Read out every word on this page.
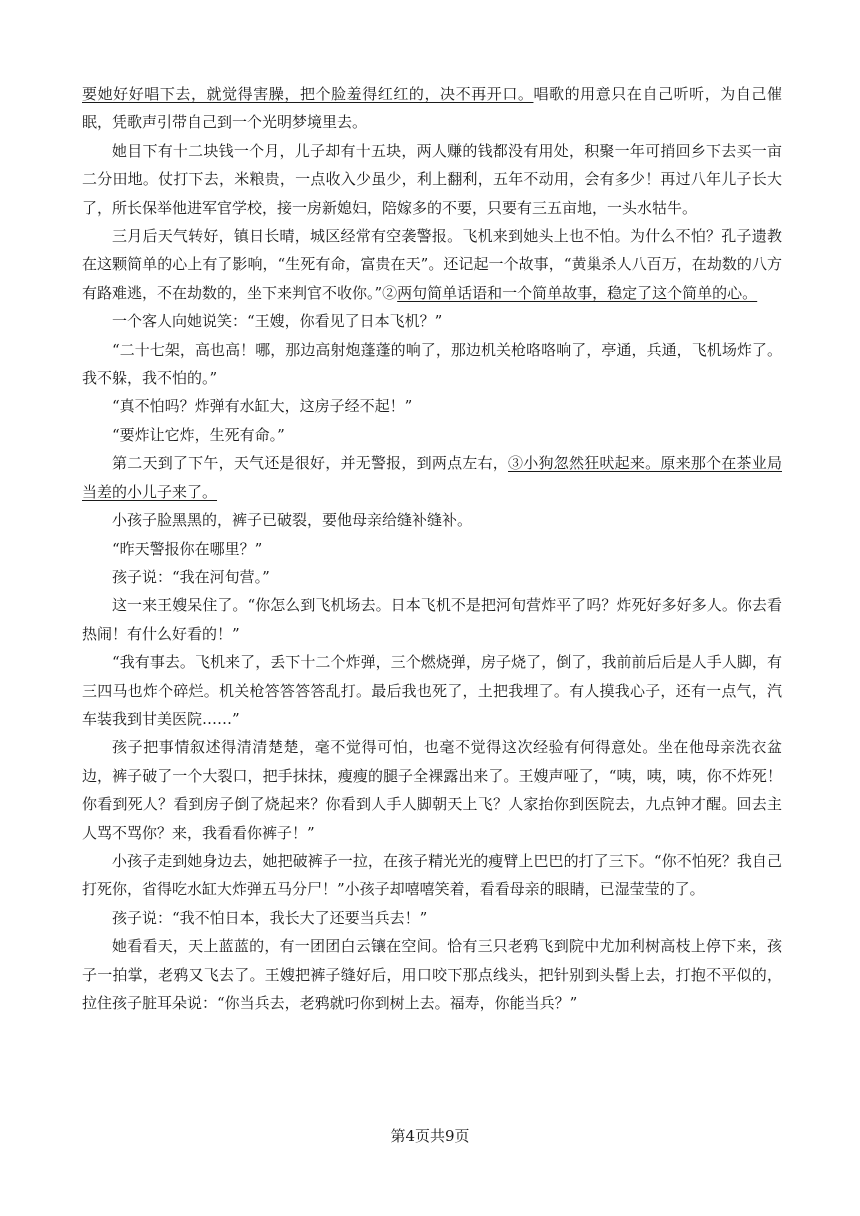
要她好好唱下去，就觉得害臊，把个脸羞得红红的，决不再开口。唱歌的用意只在自己听听，为自己催眠，凭歌声引带自己到一个光明梦境里去。

她目下有十二块钱一个月，儿子却有十五块，两人赚的钱都没有用处，积聚一年可捎回乡下去买一亩二分田地。仗打下去，米粮贵，一点收入少虽少，利上翻利，五年不动用，会有多少！再过八年儿子长大了，所长保举他进军官学校，接一房新媳妇，陪嫁多的不要，只要有三五亩地，一头水牯牛。

三月后天气转好，镇日长晴，城区经常有空袭警报。飞机来到她头上也不怕。为什么不怕？孔子遗教在这颗简单的心上有了影响，“生死有命，富贵在天”。还记起一个故事，“黄巢杀人八百万，在劫数的八方有路难逃，不在劫数的，坐下来判官不收你。”②两句简单话语和一个简单故事，稳定了这个简单的心。

一个客人向她说笑：“王嫂，你看见了日本飞机？”

“二十七架，高也高！哪，那边高射炮蓬蓬的响了，那边机关枪咯咯响了，亭通，兵通，飞机场炸了。我不躲，我不怕的。”

“真不怕吗？炸弹有水缸大，这房子经不起！”

“要炸让它炸，生死有命。”

第二天到了下午，天气还是很好，并无警报，到两点左右，③小狗忽然狂吠起来。原来那个在茶业局当差的小儿子来了。

小孩子脸黑黑的，裤子已破裂，要他母亲给缝补缝补。

“昨天警报你在哪里？”

孩子说：“我在河旬营。”

这一来王嫂呆住了。“你怎么到飞机场去。日本飞机不是把河旬营炸平了吗？炸死好多好多人。你去看热闹！有什么好看的！”

“我有事去。飞机来了，丢下十二个炸弹，三个燃烧弹，房子烧了，倒了，我前前后后是人手人脚，有三四马也炸个碎烂。机关枪答答答答乱打。最后我也死了，土把我埋了。有人摸我心子，还有一点气，汽车装我到甘美医院……”

孩子把事情叙述得清清楚楚，毫不觉得可怕，也毫不觉得这次经验有何得意处。坐在他母亲洗衣盆边，裤子破了一个大裂口，把手抹抹，瘦瘦的腿子全裸露出来了。王嫂声哑了，“咦，咦，咦，你不炸死！你看到死人？看到房子倒了烧起来？你看到人手人脚朝天上飞？人家抬你到医院去，九点钟才醒。回去主人骂不骂你？来，我看看你裤子！”

小孩子走到她身边去，她把破裤子一拉，在孩子精光光的瘦臂上巴巴的打了三下。“你不怕死？我自己打死你，省得吃水缸大炸弹五马分尸！”小孩子却嘻嘻笑着，看看母亲的眼睛，已湿莹莹的了。

孩子说：“我不怕日本，我长大了还要当兵去！”

她看看天，天上蓝蓝的，有一团团白云镶在空间。恰有三只老鸦飞到院中尤加利树高枝上停下来，孩子一拍掌，老鸦又飞去了。王嫂把裤子缝好后，用口咬下那点线头，把针别到头髻上去，打抱不平似的，拉住孩子脏耳朵说：“你当兵去，老鸦就叼你到树上去。福寿，你能当兵？”

第4页共9页
